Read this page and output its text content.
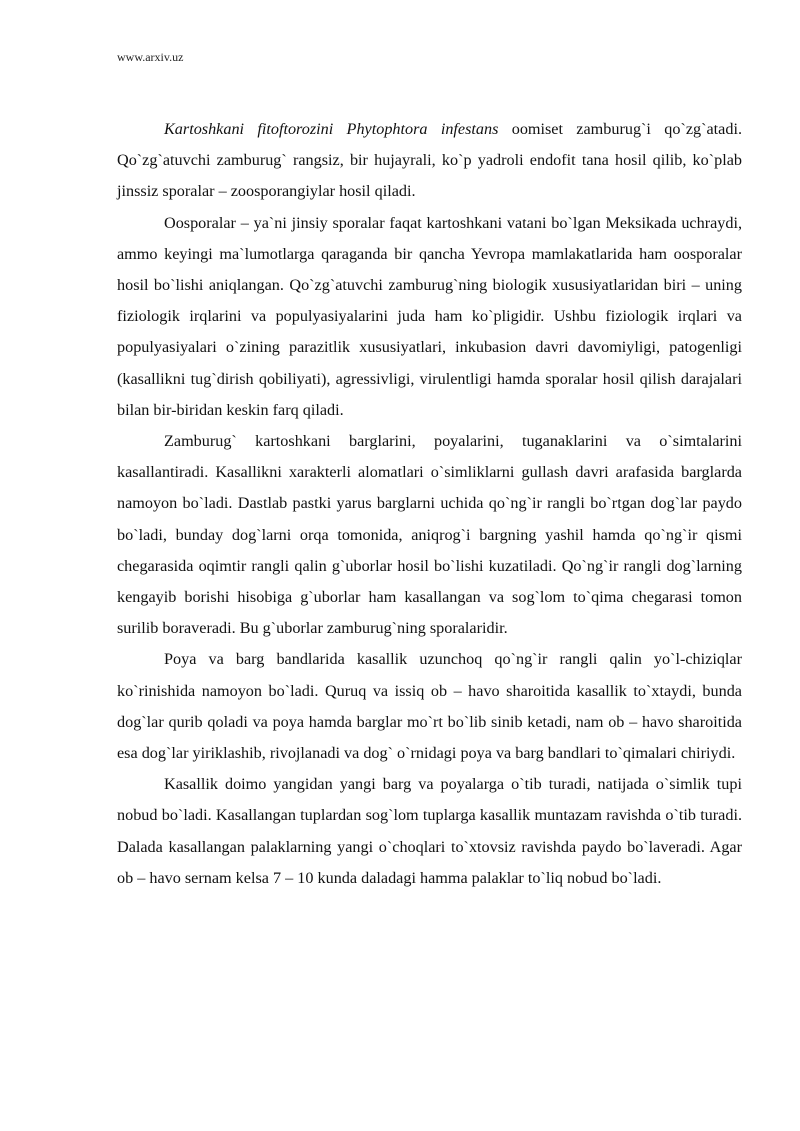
www.arxiv.uz

Kartoshkani fitoftorozini Phytophtora infestans oomiset zamburug`i qo`zg`atadi. Qo`zg`atuvchi zamburug` rangsiz, bir hujayrali, ko`p yadroli endofit tana hosil qilib, ko`plab jinssiz sporalar – zoosporangiylar hosil qiladi.

Oosporalar – ya`ni jinsiy sporalar faqat kartoshkani vatani bo`lgan Meksikada uchraydi, ammo keyingi ma`lumotlarga qaraganda bir qancha Yevropa mamlakatlarida ham oosporalar hosil bo`lishi aniqlangan. Qo`zg`atuvchi zamburug`ning biologik xususiyatlaridan biri – uning fiziologik irqlarini va populyasiyalarini juda ham ko`pligidir. Ushbu fiziologik irqlari va populyasiyalari o`zining parazitlik xususiyatlari, inkubasion davri davomiyligi, patogenligi (kasallikni tug`dirish qobiliyati), agressivligi, virulentligi hamda sporalar hosil qilish darajalari bilan bir-biridan keskin farq qiladi.

Zamburug` kartoshkani barglarini, poyalarini, tuganaklarini va o`simtalarini kasallantiradi. Kasallikni xarakterli alomatlari o`simliklarni gullash davri arafasida barglarda namoyon bo`ladi. Dastlab pastki yarus barglarni uchida qo`ng`ir rangli bo`rtgan dog`lar paydo bo`ladi, bunday dog`larni orqa tomonida, aniqrog`i bargning yashil hamda qo`ng`ir qismi chegarasida oqimtir rangli qalin g`uborlar hosil bo`lishi kuzatiladi. Qo`ng`ir rangli dog`larning kengayib borishi hisobiga g`uborlar ham kasallangan va sog`lom to`qima chegarasi tomon surilib boraveradi. Bu g`uborlar zamburug`ning sporalaridir.

Poya va barg bandlarida kasallik uzunchoq qo`ng`ir rangli qalin yo`l-chiziqlar ko`rinishida namoyon bo`ladi. Quruq va issiq ob – havo sharoitida kasallik to`xtaydi, bunda dog`lar qurib qoladi va poya hamda barglar mo`rt bo`lib sinib ketadi, nam ob – havo sharoitida esa dog`lar yiriklashib, rivojlanadi va dog` o`rnidagi poya va barg bandlari to`qimalari chiriydi.

Kasallik doimo yangidan yangi barg va poyalarga o`tib turadi, natijada o`simlik tupi nobud bo`ladi. Kasallangan tuplardan sog`lom tuplarga kasallik muntazam ravishda o`tib turadi. Dalada kasallangan palaklarning yangi o`choqlari to`xtovsiz ravishda paydo bo`laveradi. Agar ob – havo sernam kelsa 7 – 10 kunda daladagi hamma palaklar to`liq nobud bo`ladi.
